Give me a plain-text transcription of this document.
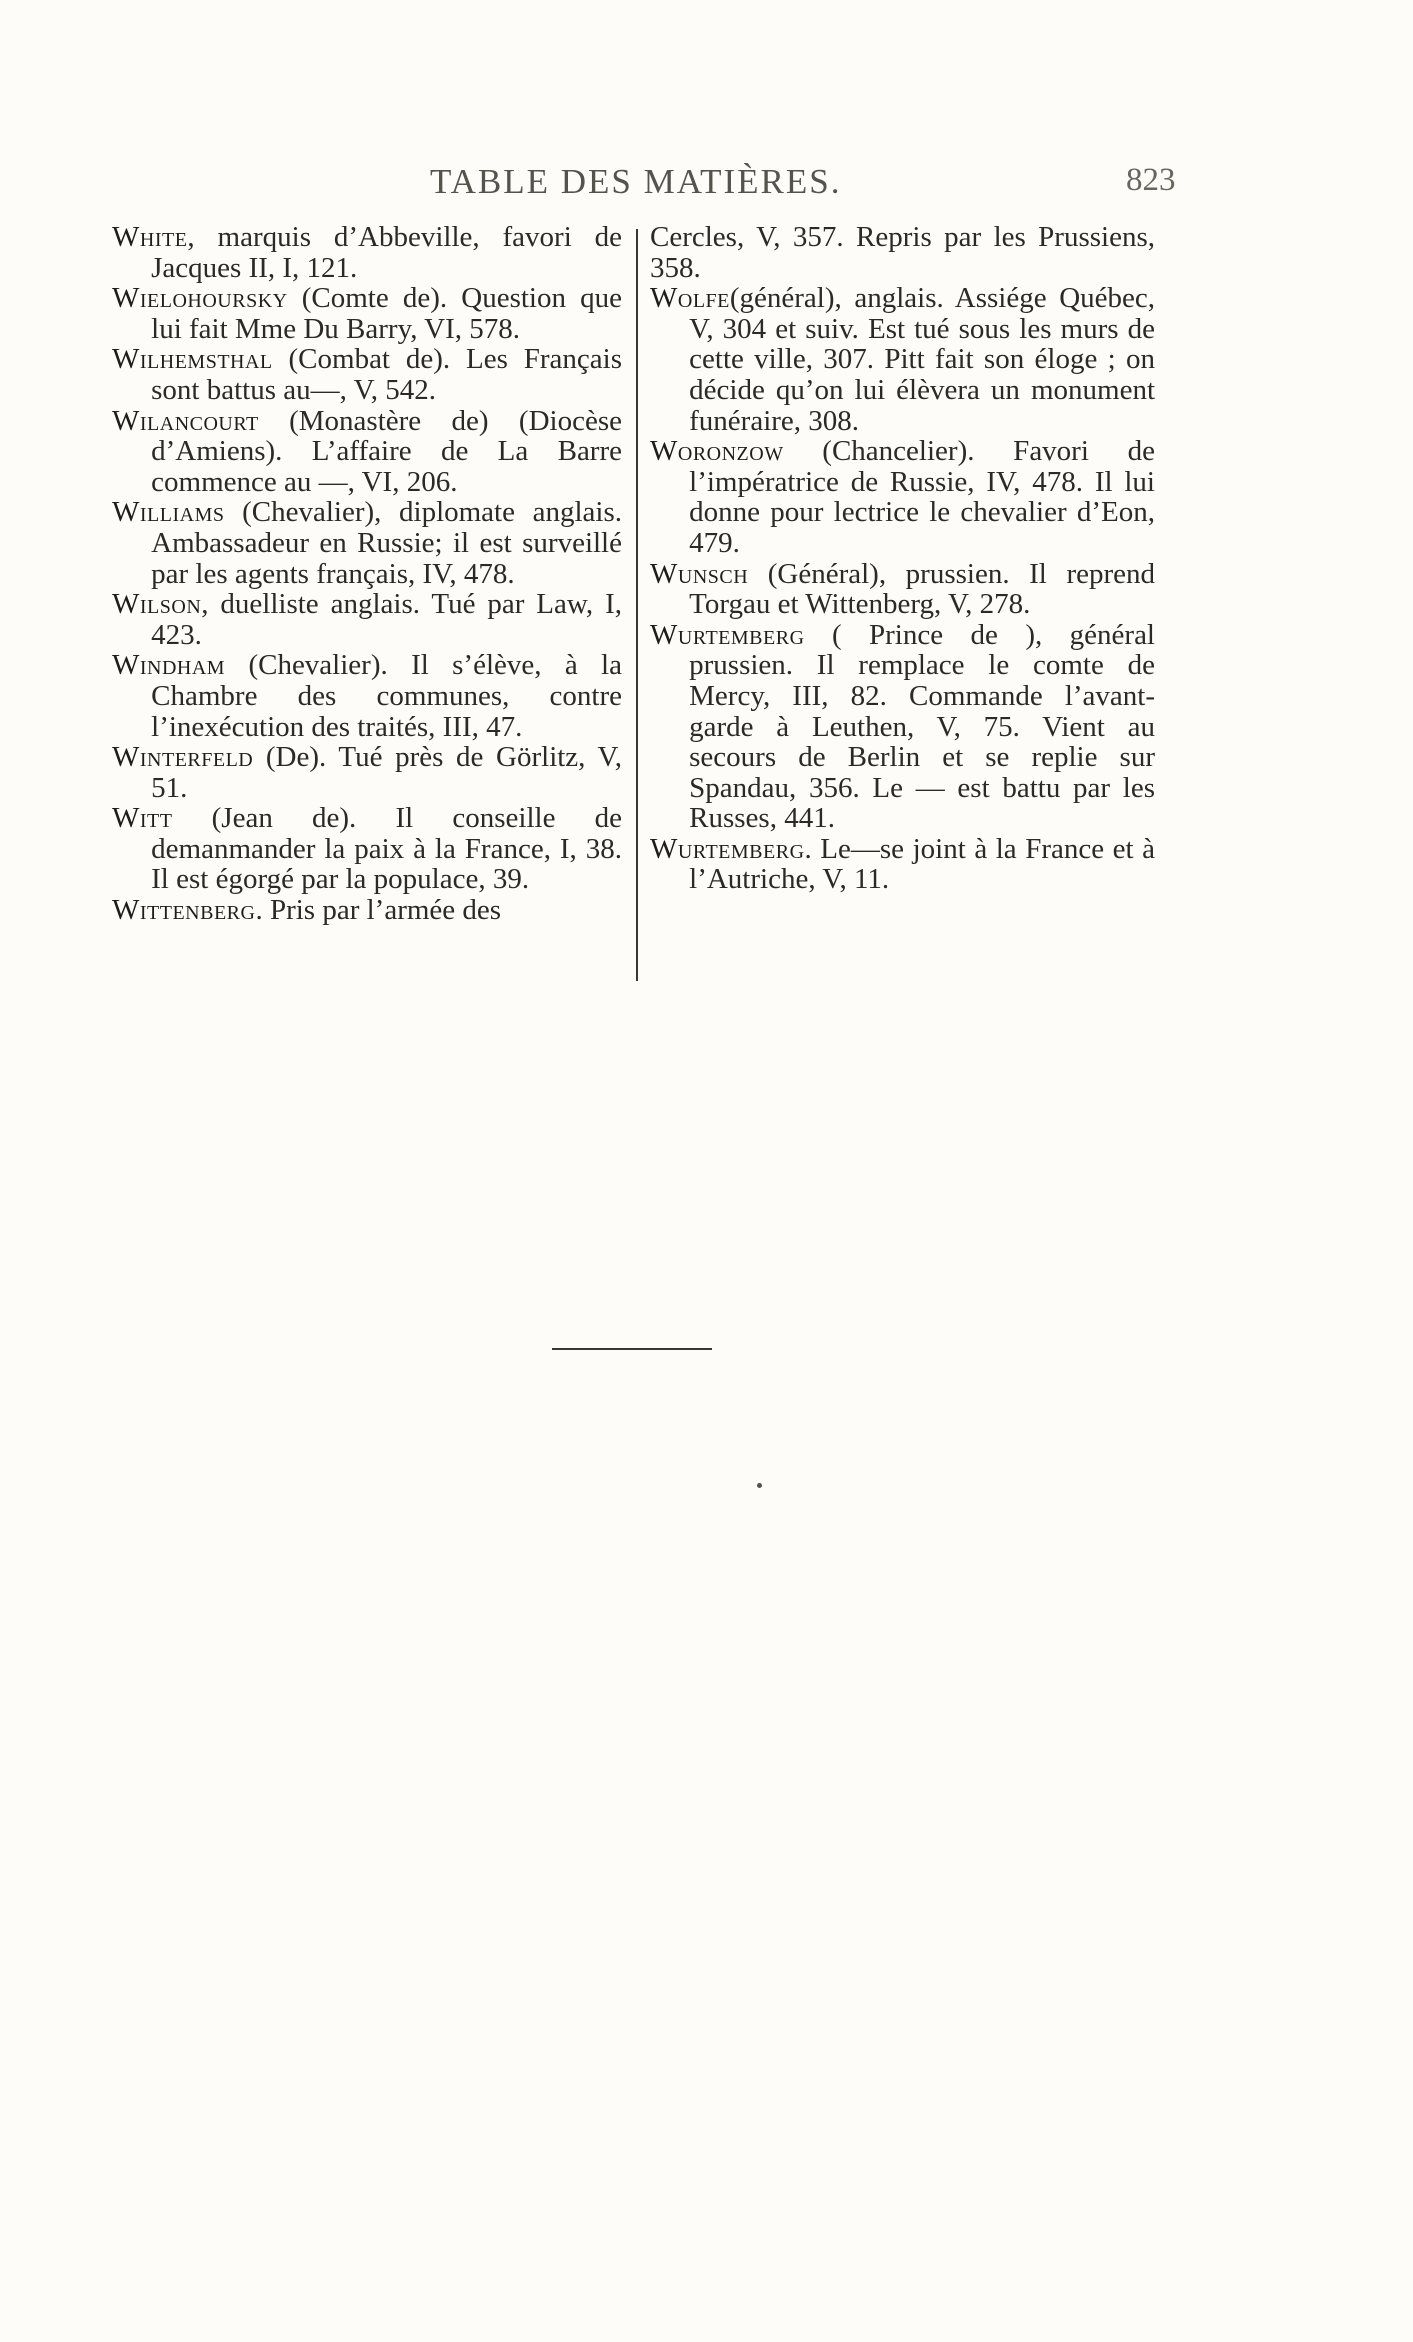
TABLE DES MATIÈRES.	823

White, marquis d’Abbeville, favori de Jacques II, I, 121.

Wielohoursky (Comte de). Question que lui fait Mme Du Barry, VI, 578.

Wilhemsthal (Combat de). Les Français sont battus au—, V, 542.

Wilancourt (Monastère de) (Diocèse d’Amiens). L’affaire de La Barre commence au —, VI, 206.

Williams (Chevalier), diplomate anglais. Ambassadeur en Russie; il est surveillé par les agents français, IV, 478.

Wilson, duelliste anglais. Tué par Law, I, 423.

Windham (Chevalier). Il s’élève, à la Chambre des communes, contre l’inexécution des traités, III, 47.

Winterfeld (De). Tué près de Görlitz, V, 51.

Witt (Jean de). Il conseille de demanmander la paix à la France, I, 38. Il est égorgé par la populace, 39.

Wittenberg. Pris par l’armée des

Cercles, V, 357. Repris par les Prussiens, 358.

Wolfe(général), anglais. Assiége Québec, V, 304 et suiv. Est tué sous les murs de cette ville, 307. Pitt fait son éloge ; on décide qu’on lui élèvera un monument funéraire, 308.

Woronzow (Chancelier). Favori de l’impératrice de Russie, IV, 478. Il lui donne pour lectrice le chevalier d’Eon, 479.

Wunsch (Général), prussien. Il reprend Torgau et Wittenberg, V, 278.

Wurtemberg ( Prince de ), général prussien. Il remplace le comte de Mercy, III, 82. Commande l’avant-garde à Leuthen, V, 75. Vient au secours de Berlin et se replie sur Spandau, 356. Le — est battu par les Russes, 441.

Wurtemberg. Le—se joint à la France et à l’Autriche, V, 11.
